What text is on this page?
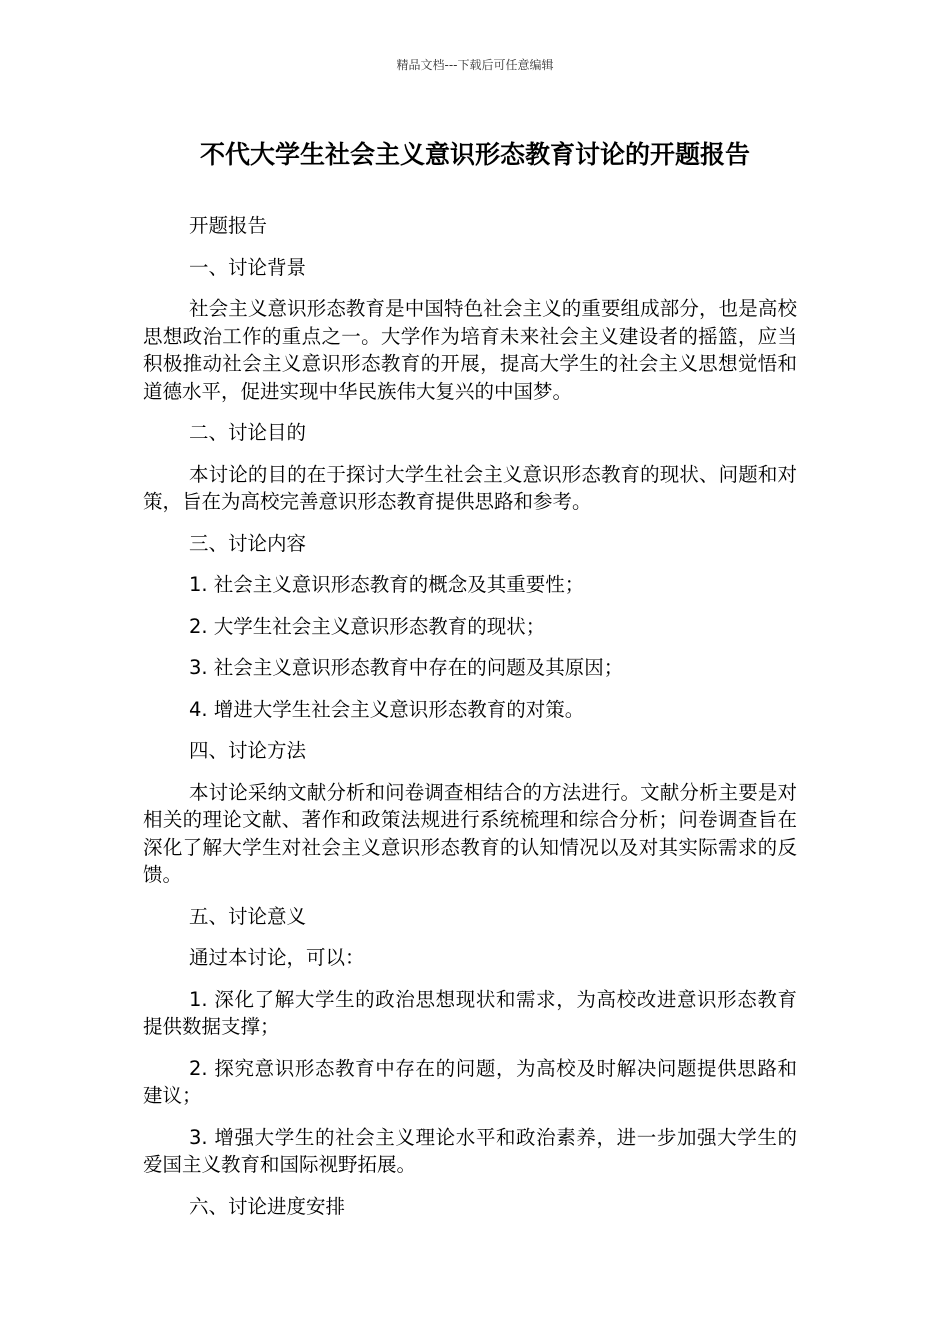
精品文档---下载后可任意编辑
不代大学生社会主义意识形态教育讨论的开题报告

开题报告

一、讨论背景

社会主义意识形态教育是中国特色社会主义的重要组成部分，也是高校思想政治工作的重点之一。大学作为培育未来社会主义建设者的摇篮，应当积极推动社会主义意识形态教育的开展，提高大学生的社会主义思想觉悟和道德水平，促进实现中华民族伟大复兴的中国梦。

二、讨论目的

本讨论的目的在于探讨大学生社会主义意识形态教育的现状、问题和对策，旨在为高校完善意识形态教育提供思路和参考。

三、讨论内容

1. 社会主义意识形态教育的概念及其重要性；

2. 大学生社会主义意识形态教育的现状；

3. 社会主义意识形态教育中存在的问题及其原因；

4. 增进大学生社会主义意识形态教育的对策。

四、讨论方法

本讨论采纳文献分析和问卷调查相结合的方法进行。文献分析主要是对相关的理论文献、著作和政策法规进行系统梳理和综合分析；问卷调查旨在深化了解大学生对社会主义意识形态教育的认知情况以及对其实际需求的反馈。

五、讨论意义

通过本讨论，可以：

1. 深化了解大学生的政治思想现状和需求，为高校改进意识形态教育提供数据支撑；

2. 探究意识形态教育中存在的问题，为高校及时解决问题提供思路和建议；

3. 增强大学生的社会主义理论水平和政治素养，进一步加强大学生的爱国主义教育和国际视野拓展。

六、讨论进度安排
